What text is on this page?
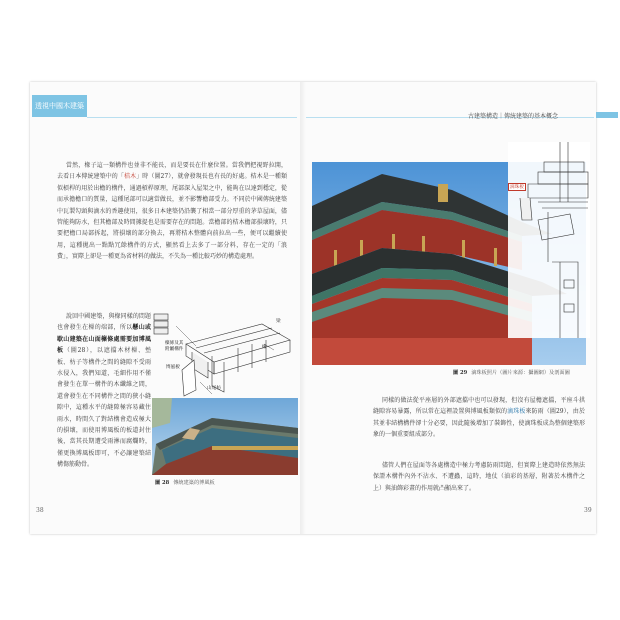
透視中國木建築
古建築構造｜傳統建築的基本概念

當然，椽子這一類構件也並非不能長，而是要長在什麼位置。當我們把視野拉開，去看日本傳統建築中的「桔木」時（圖27），就會發現長也有長的好處。桔木是一種類似槓桿的用於出檐的構件，通過槓桿原理，尾部深入屋架之中，能夠在以達到穩定，從而承擔檐口的質量，這種尾部可以適當做長，並不影響檐部受力。不同於中國傳統建築中瓦製勾頭與滴水的香趣使用，很多日本建築仍沿襲了相當一部分厚重的茅草屋面，儘管能夠防水，但其檐部及時間據提也是需要存在的問題。當檐部的桔木檐部損壞時，只要把檐口局部拆起，將損壞的部分換去，再將桔木整體向前拉出一些，便可以繼續使用，這種拋出一點點冗餘構件的方式，顯然看上去多了一部分料，存在一定的「浪費」，實際上卻是一種更為省材料的做法，不失為一種比較巧妙的構造處理。

說回中國建築，與椽同樣的問題也會發生在檁的端部，所以懸山或歇山建築在山面檁條處需要加博風板（圖28），以遮擋木材檁、墊板、枋子等構件之間的縫隙不受雨水侵入，我們知道，毛細作用不僅會發生在單一構件的木纖維之間，還會發生在不同構件之間的狹小縫隙中，這種水平的縫隙極容易藏住雨水，時間久了對結構會造成極大的損壞，而使用博風板的板道封住後，當其長期遭受雨淋而腐爛時，僅更換博風板即可，不必讓建築結構傷筋動骨。

檁條及其
附屬構件
博風板
椽
山尾枋
梁
圖 28 傳統建築的博風板
38
滴珠板
圖 29 滴珠板照片（圖片來源：攝圖網）及剖面圖

同樣的做法從平座層的外部遮擋中也可以發現，但沒有屋檐遮擋，平座斗拱縫隙容易暴露，所以常在這裡設置與博風板類似的滴珠板來防雨（圖29），由於其並非結構構件卻十分必要，因此隨後增加了裝飾性，使滴珠板成為整個建築形象的一個重要組成部分。

儘管人們在屋面等各處構造中極力考慮防雨問題，但實際上建造時依然無法保證木構件內外不沾水、不遭蟲，這時，地仗（油彩的基層，附著於木構件之上）與油飾彩畫的作用就凸顯出來了。

39
